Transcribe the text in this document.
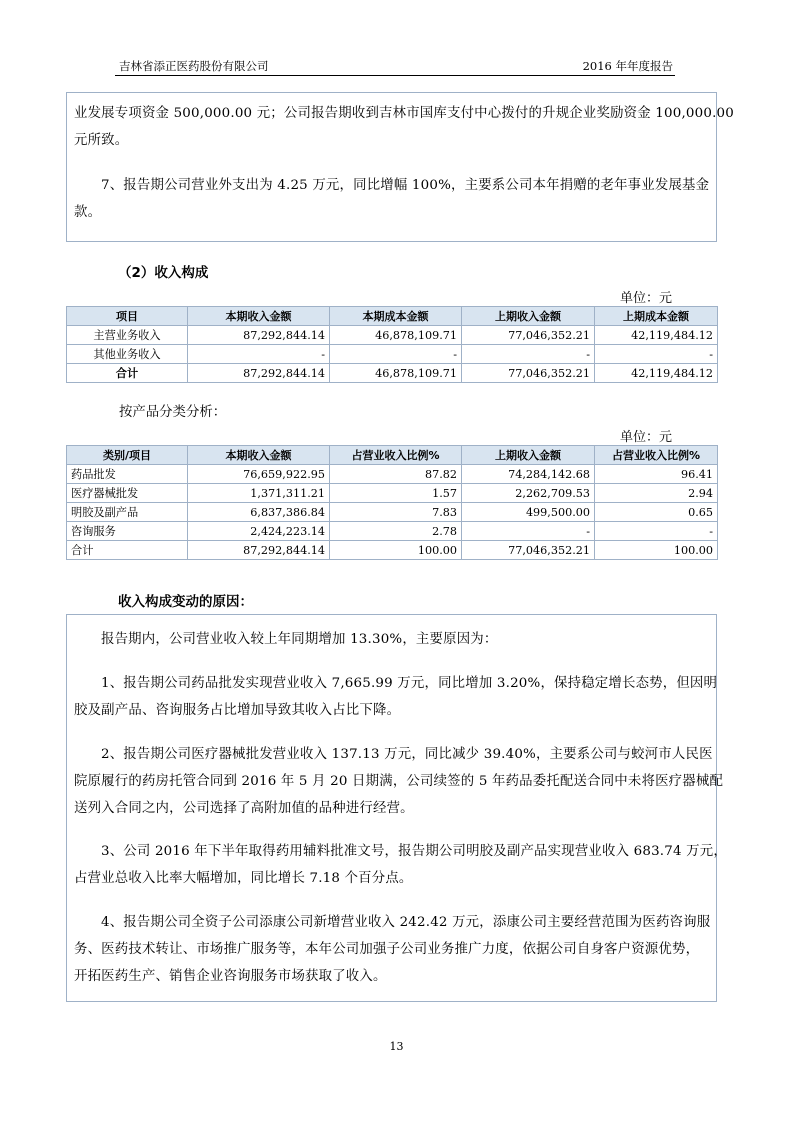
吉林省添正医药股份有限公司	2016 年年度报告
业发展专项资金 500,000.00 元；公司报告期收到吉林市国库支付中心拨付的升规企业奖励资金 100,000.00
元所致。
7、报告期公司营业外支出为 4.25 万元，同比增幅 100%，主要系公司本年捐赠的老年事业发展基金
款。
（2）收入构成
单位：元
项目	本期收入金额	本期成本金额	上期收入金额	上期成本金额
主营业务收入	87,292,844.14	46,878,109.71	77,046,352.21	42,119,484.12
其他业务收入	-	-	-	-
合计	87,292,844.14	46,878,109.71	77,046,352.21	42,119,484.12
按产品分类分析：
单位：元
类别/项目	本期收入金额	占营业收入比例%	上期收入金额	占营业收入比例%
药品批发	76,659,922.95	87.82	74,284,142.68	96.41
医疗器械批发	1,371,311.21	1.57	2,262,709.53	2.94
明胶及副产品	6,837,386.84	7.83	499,500.00	0.65
咨询服务	2,424,223.14	2.78	-	-
合计	87,292,844.14	100.00	77,046,352.21	100.00
收入构成变动的原因：
报告期内，公司营业收入较上年同期增加 13.30%，主要原因为：
1、报告期公司药品批发实现营业收入 7,665.99 万元，同比增加 3.20%，保持稳定增长态势，但因明
胶及副产品、咨询服务占比增加导致其收入占比下降。
2、报告期公司医疗器械批发营业收入 137.13 万元，同比减少 39.40%，主要系公司与蛟河市人民医
院原履行的药房托管合同到 2016 年 5 月 20 日期满，公司续签的 5 年药品委托配送合同中未将医疗器械配
送列入合同之内，公司选择了高附加值的品种进行经营。
3、公司 2016 年下半年取得药用辅料批准文号，报告期公司明胶及副产品实现营业收入 683.74 万元，
占营业总收入比率大幅增加，同比增长 7.18 个百分点。
4、报告期公司全资子公司添康公司新增营业收入 242.42 万元，添康公司主要经营范围为医药咨询服
务、医药技术转让、市场推广服务等，本年公司加强子公司业务推广力度，依据公司自身客户资源优势，
开拓医药生产、销售企业咨询服务市场获取了收入。
13
